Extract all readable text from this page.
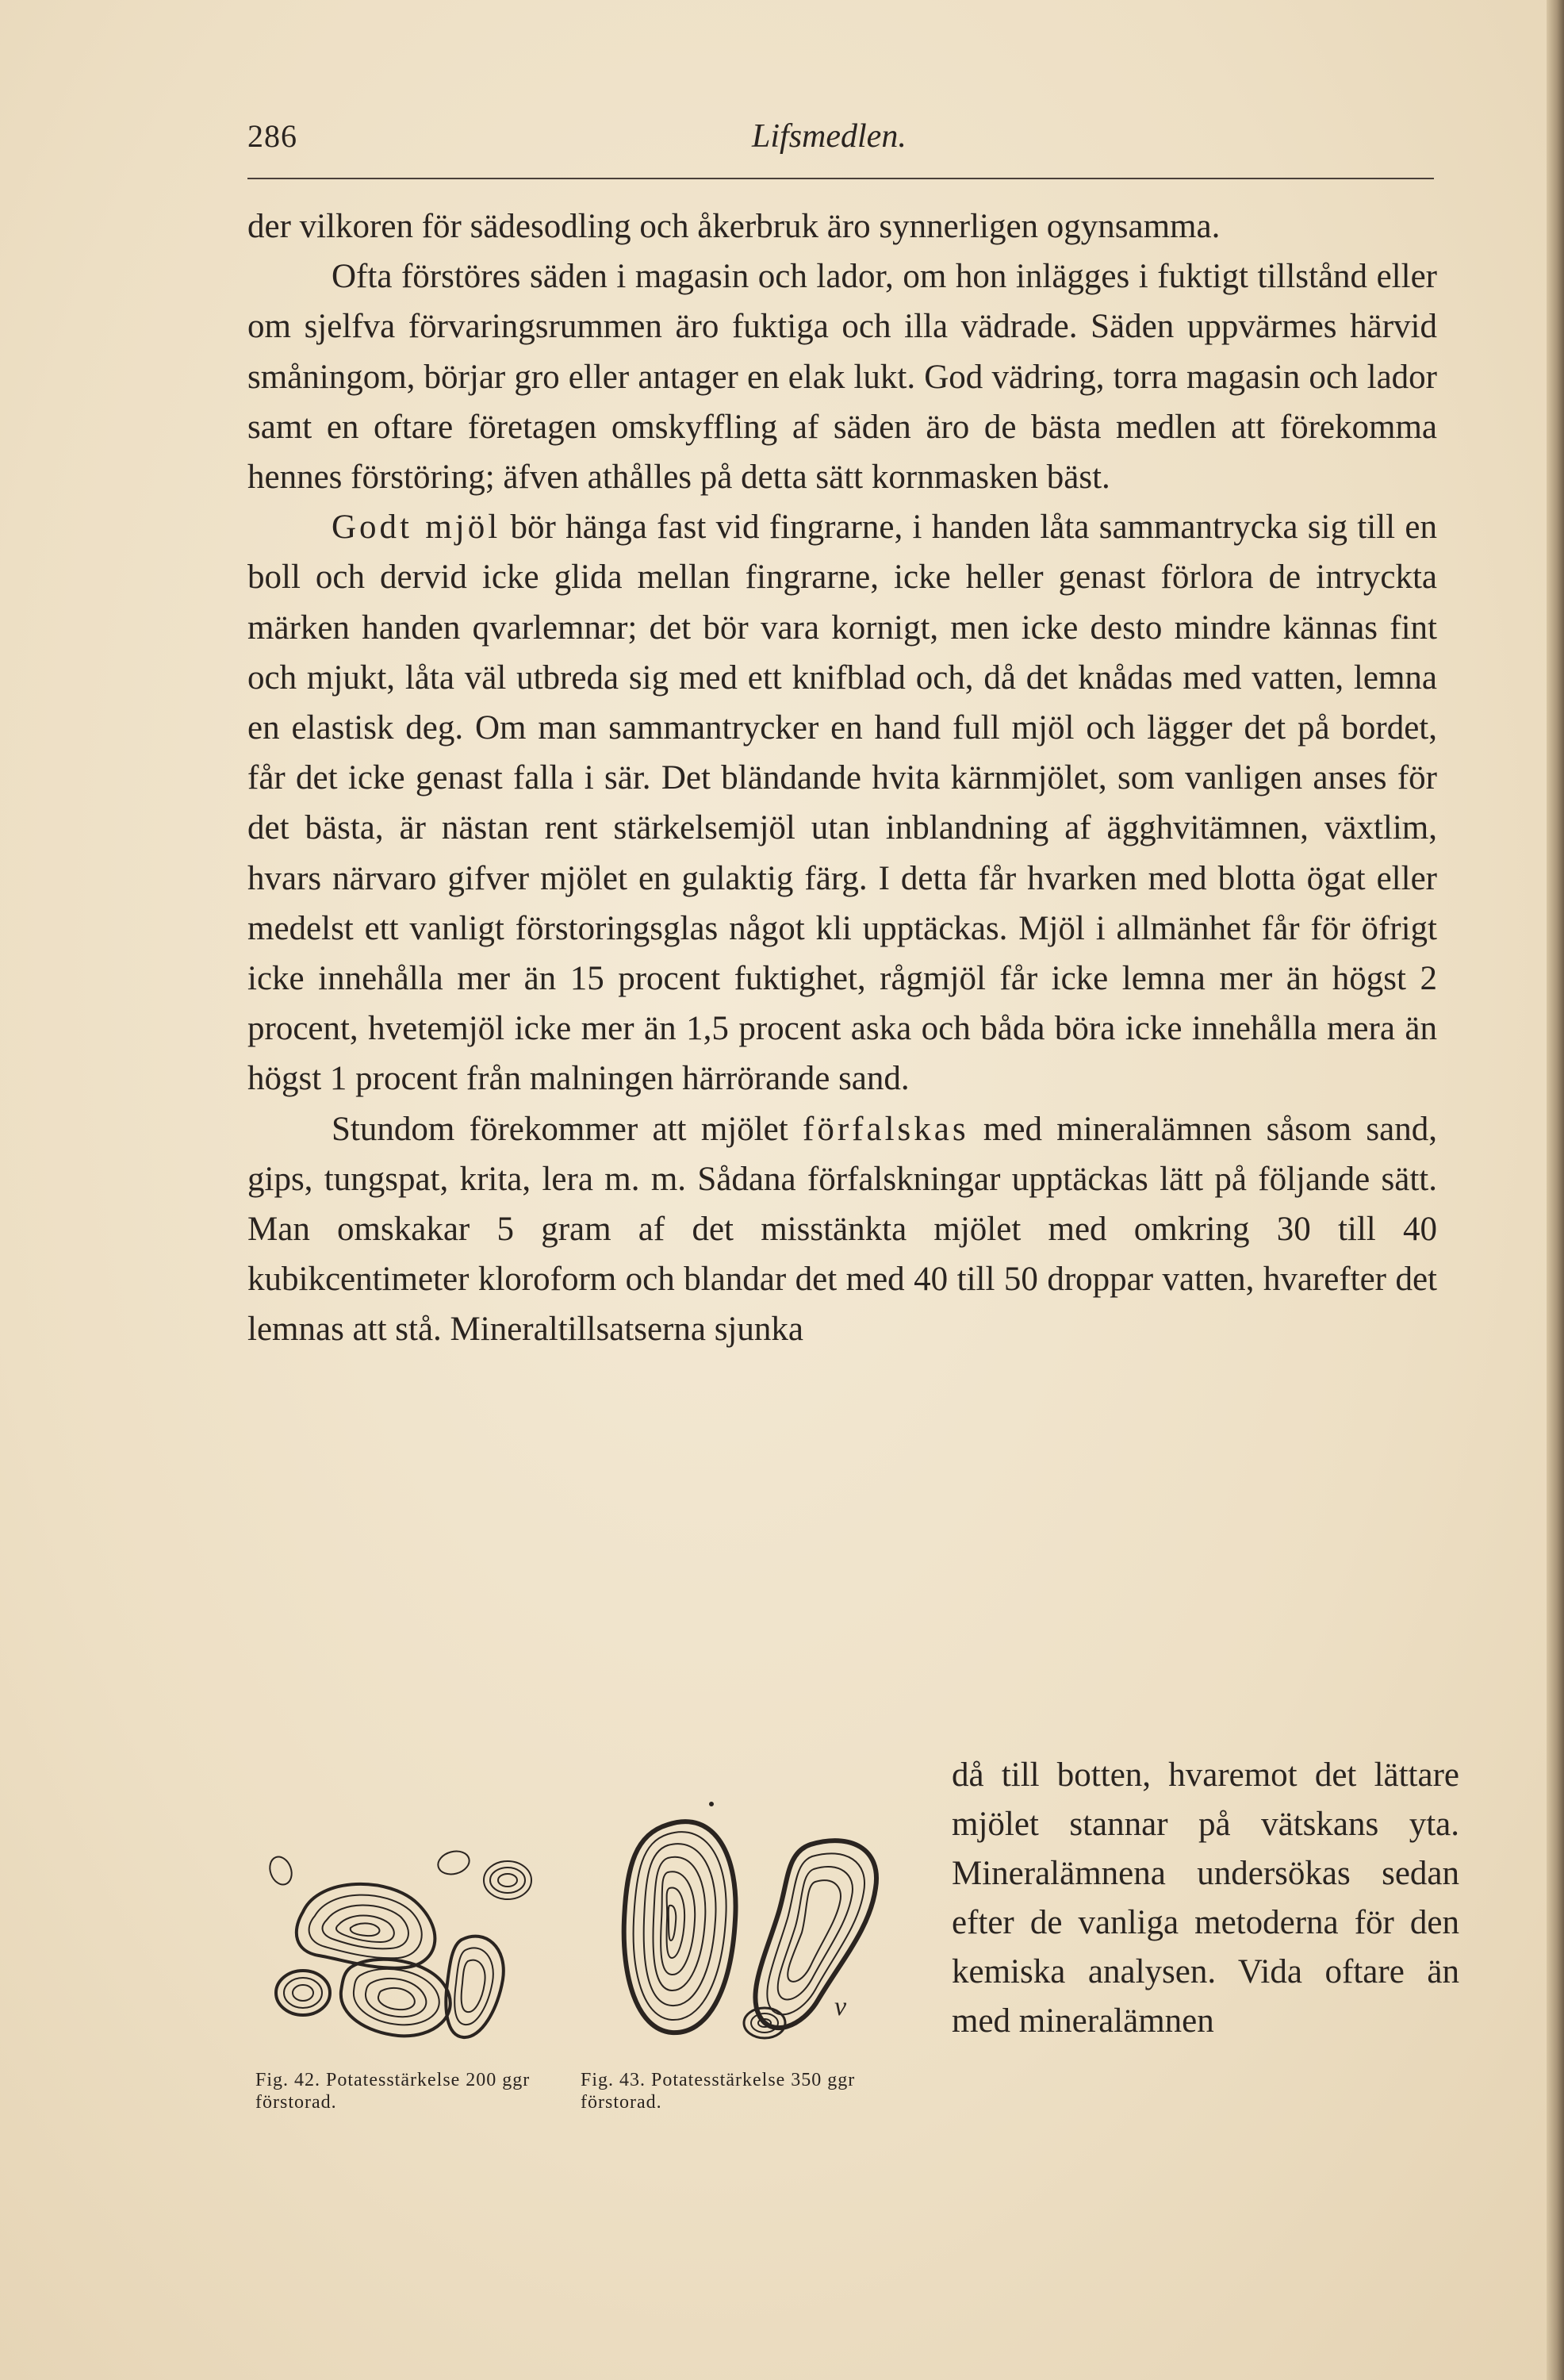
286	Lifsmedlen.

der vilkoren för sädesodling och åkerbruk äro synnerligen ogynsamma.

Ofta förstöres säden i magasin och lador, om hon inlägges i fuktigt tillstånd eller om sjelfva förvaringsrummen äro fuktiga och illa vädrade. Säden uppvärmes härvid småningom, börjar gro eller antager en elak lukt. God vädring, torra magasin och lador samt en oftare företagen omskyffling af säden äro de bästa medlen att förekomma hennes förstöring; äfven athålles på detta sätt kornmasken bäst.

Godt mjöl bör hänga fast vid fingrarne, i handen låta sammantrycka sig till en boll och dervid icke glida mellan fingrarne, icke heller genast förlora de intryckta märken handen qvarlemnar; det bör vara kornigt, men icke desto mindre kännas fint och mjukt, låta väl utbreda sig med ett knifblad och, då det knådas med vatten, lemna en elastisk deg. Om man sammantrycker en hand full mjöl och lägger det på bordet, får det icke genast falla i sär. Det bländande hvita kärnmjölet, som vanligen anses för det bästa, är nästan rent stärkelsemjöl utan inblandning af ägghvitämnen, växtlim, hvars närvaro gifver mjölet en gulaktig färg. I detta får hvarken med blotta ögat eller medelst ett vanligt förstoringsglas något kli upptäckas. Mjöl i allmänhet får för öfrigt icke innehålla mer än 15 procent fuktighet, rågmjöl får icke lemna mer än högst 2 procent, hvetemjöl icke mer än 1,5 procent aska och båda böra icke innehålla mera än högst 1 procent från malningen härrörande sand.

Stundom förekommer att mjölet förfalskas med mineralämnen såsom sand, gips, tungspat, krita, lera m. m. Sådana förfalskningar upptäckas lätt på följande sätt. Man omskakar 5 gram af det misstänkta mjölet med omkring 30 till 40 kubikcentimeter kloroform och blandar det med 40 till 50 droppar vatten, hvarefter det lemnas att stå. Mineraltillsatserna sjunka

då till botten, hvaremot det lättare mjölet stannar på vätskans yta. Mineralämnena undersökas sedan efter de vanliga metoderna för den kemiska analysen. Vida oftare än med mineralämnen
Fig. 42. Potatesstärkelse 200 ggr förstorad.
v
Fig. 43. Potatesstärkelse 350 ggr förstorad.
